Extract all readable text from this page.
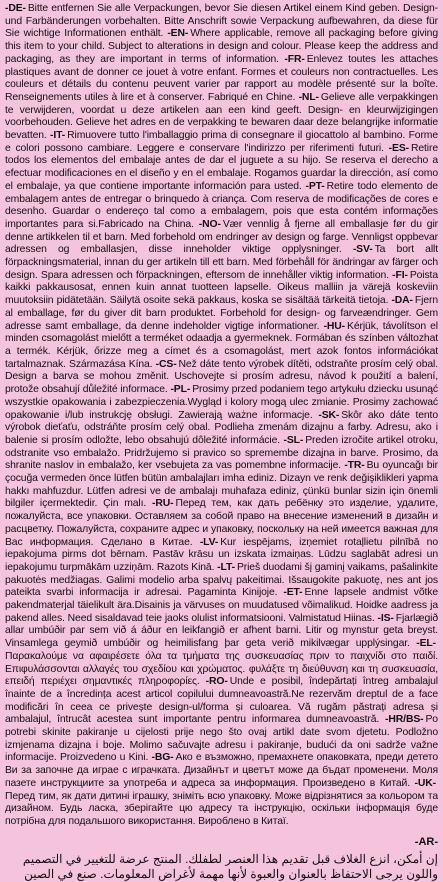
-DE- Bitte entfernen Sie alle Verpackungen, bevor Sie diesen Artikel einem Kind geben. Design- und Farbänderungen vorbehalten. Bitte Anschrift sowie Verpackung aufbewahren, da diese für Sie wichtige Informationen enthält. -EN- Where applicable, remove all packaging before giving this item to your child. Subject to alterations in design and colour. Please keep the address and packaging, as they are important in terms of information. -FR- Enlevez toutes les attaches plastiques avant de donner ce jouet à votre enfant. Formes et couleurs non contractuelles. Les couleurs et détails du contenu peuvent varier par rapport au modèle présenté sur la boîte. Renseignements utiles à lire et à conserver. Fabriqué en Chine. -NL- Gelieve alle verpakkingen te verwijderen, voordat u deze artikelen aan een kind geeft. Design- en kleurwijzigingen voorbehouden. Gelieve het adres en de verpakking te bewaren daar deze belangrijke informatie bevatten. -IT- Rimuovere tutto l'imballaggio prima di consegnare il giocattolo al bambino. Forme e colori possono cambiare. Leggere e conservare l'indirizzo per riferimenti futuri. -ES- Retire todos los elementos del embalaje antes de dar el juguete a su hijo. Se reserva el derecho a efectuar modificaciones en el diseño y en el embalaje. Rogamos guardar la dirección, así como el embalaje, ya que contiene importante información para usted. -PT- Retire todo elemento de embalagem antes de entregar o brinquedo à criança. Com reserva de modificações de cores e desenho. Guardar o endereço tal como a embalagem, pois que esta contém informações importantes para si.Fabricado na China. -NO- Vær vennlig å fjerne all emballasje før du gir denne artikkelen til et barn. Med forbehold om endringer av design og farge. Vennligst oppbevar adressen og emballasjen, disse inneholder viktige opplysninger. -SV- Ta bort allt förpackningsmaterial, innan du ger artikeln till ett barn. Med förbehåll för ändringar av färger och design. Spara adressen och förpackningen, eftersom de innehåller viktig information. -FI- Poista kaikki pakkausosat, ennen kuin annat tuotteen lapselle. Oikeus malliin ja värejä koskeviin muutoksiin pidätetään. Säilytä osoite sekä pakkaus, koska se sisältää tärkeitä tietoja. -DA- Fjern al emballage, før du giver dit barn produktet. Forbehold for design- og farveændringer. Gem adresse samt emballage, da denne indeholder vigtige informationer. -HU- Kérjük, távolítson el minden csomagolást mielőtt a terméket odaadja a gyermeknek. Formában és színben változhat a termék. Kérjük, őrizze meg a címet és a csomagolást, mert azok fontos információkat tartalmaznak. Származása Kína. -CS- Než dáte tento výrobek dítěti, odstraňte prosím celý obal. Design a barva se mohou změnit. Uschovejte si prosím adresu, návod k použití a balení, protože obsahují důležité informace. -PL- Prosimy przed podaniem tego artykułu dziecku usunąć wszystkie opakowania i zabezpieczenia.Wygląd i kolory mogą ulec zmianie. Prosimy zachować opakowanie i/lub instrukcję obsługi. Zawierają ważne informacje. -SK- Skôr ako dáte tento výrobok dieťaťu, odstráňte prosím celý obal. Podlieha zmenám dizajnu a farby. Adresu, ako i balenie si prosím odložte, lebo obsahujú dôležité informácie. -SL- Preden izročite artikel otroku, odstranite vso embalažo. Pridržujemo si pravico so spremembe dizajna in barve. Prosimo, da shranite naslov in embalažo, ker vsebujeta za vas pomembne informacije. -TR- Bu oyuncağı bir çocuğa vermeden önce lütfen bütün ambalajları imha ediniz. Dizayn ve renk değişiklikleri yapma hakkı mahfuzdur. Lütfen adresi ve de ambalajı muhafaza ediniz, çünkü bunlar sizin için önemli bilgiler içermektedir. Çin malı. -RU- Перед тем, как дать ребёнку это изделие, удалите, пожалуйста, все упаковки. Оставляем за собой право на внесение изменений в дизайн и расцветку. Пожалуйста, сохраните адрес и упаковку, поскольку на ней имеется важная для Вас информация. Сделано в Китае. -LV- Kur iespējams, izņemiet rotaļlietu pilnībā no iepakojuma pirms dot bērnam. Pastāv krāsu un izskata izmaiņas. Lūdzu saglabāt adresi un iepakojumu turpmākām uzziņām. Razots Kinā. -LT- Prieš duodami šį gaminį vaikams, pašalinkite pakuotės medžiagas. Galimi modelio arba spalvų pakeitimai. Išsaugokite pakuotę, nes ant jos pateikta svarbi informacija ir adresai. Pagaminta Kinijoje. -ET- Enne lapsele andmist võtke pakendmaterjal täielikult ära.Disainis ja värvuses on muudatused võimalikud. Hoidke aadress ja pakend alles. Need sisaldavad teie jaoks olulist informatsiooni. Valmistatud Hiinas. -IS- Fjarlægið allar umbúðir par sem við á áður en leikfangið er afhent barni. Litir og mynstur geta breyst. Vinsamlega geymið umbúðir og heimilisfang þar geta verið mikilvægar upplýsingar. -EL-Παρακαλούμε να αφαιρέσετε όλα τα τμήματα της συσκευασίας πριν το παιχνίδι στο παιδί. Επιφυλάσσονται αλλαγές του σχεδίου και χρώματος. φυλάξτε τη διεύθυνση και τη συσκευασία, επειδή περιέχει σημαντικές πληροφορίες. -RO- Unde e posibil, îndepărtați întreg ambalajul înainte de a încredința acest articol copilului dumneavoastră.Ne rezervăm dreptul de a face modificări în ceea ce privește design-ul/forma și culoarea. Vă rugăm păstrați adresa și ambalajul, întrucât acestea sunt importante pentru informarea dumneavoastră. -HR/BS- Po potrebi skinite pakiranje u cijelosti prije nego što ovaj artikl date svom djetetu. Podložno izmjenama dizajna i boje. Molimo sačuvajte adresu i pakiranje, budući da oni sadrže važne informacije. Proizvedeno u Kini. -BG- Ако е възможно, премахнете опаковката, преди детето Ви за започне да играе с играчката. Дизайнът и цветът може да бъдат променени. Моля пазете инструкциите за употреба и адреса за информация. Произведено в Китай. -UK-Перед тим, як дати дитині іграшку, зніміть всю упаковку. Може відрізнятися за кольором та дизайном. Будь ласка, зберігайте цю адресу та інструкцію, оскільки інформація буде потрібна для подальшого використання. Вироблено в Китаї.
-AR-
إن أمكن، انزع الغلاف قبل تقديم هذا العنصر لطفلك. المنتج عرضة للتغيير في التصميم واللون يرجى الاحتفاظ بالعنوان والعبوة لأنها مهمة لأغراض المعلومات. صنع في الصين
